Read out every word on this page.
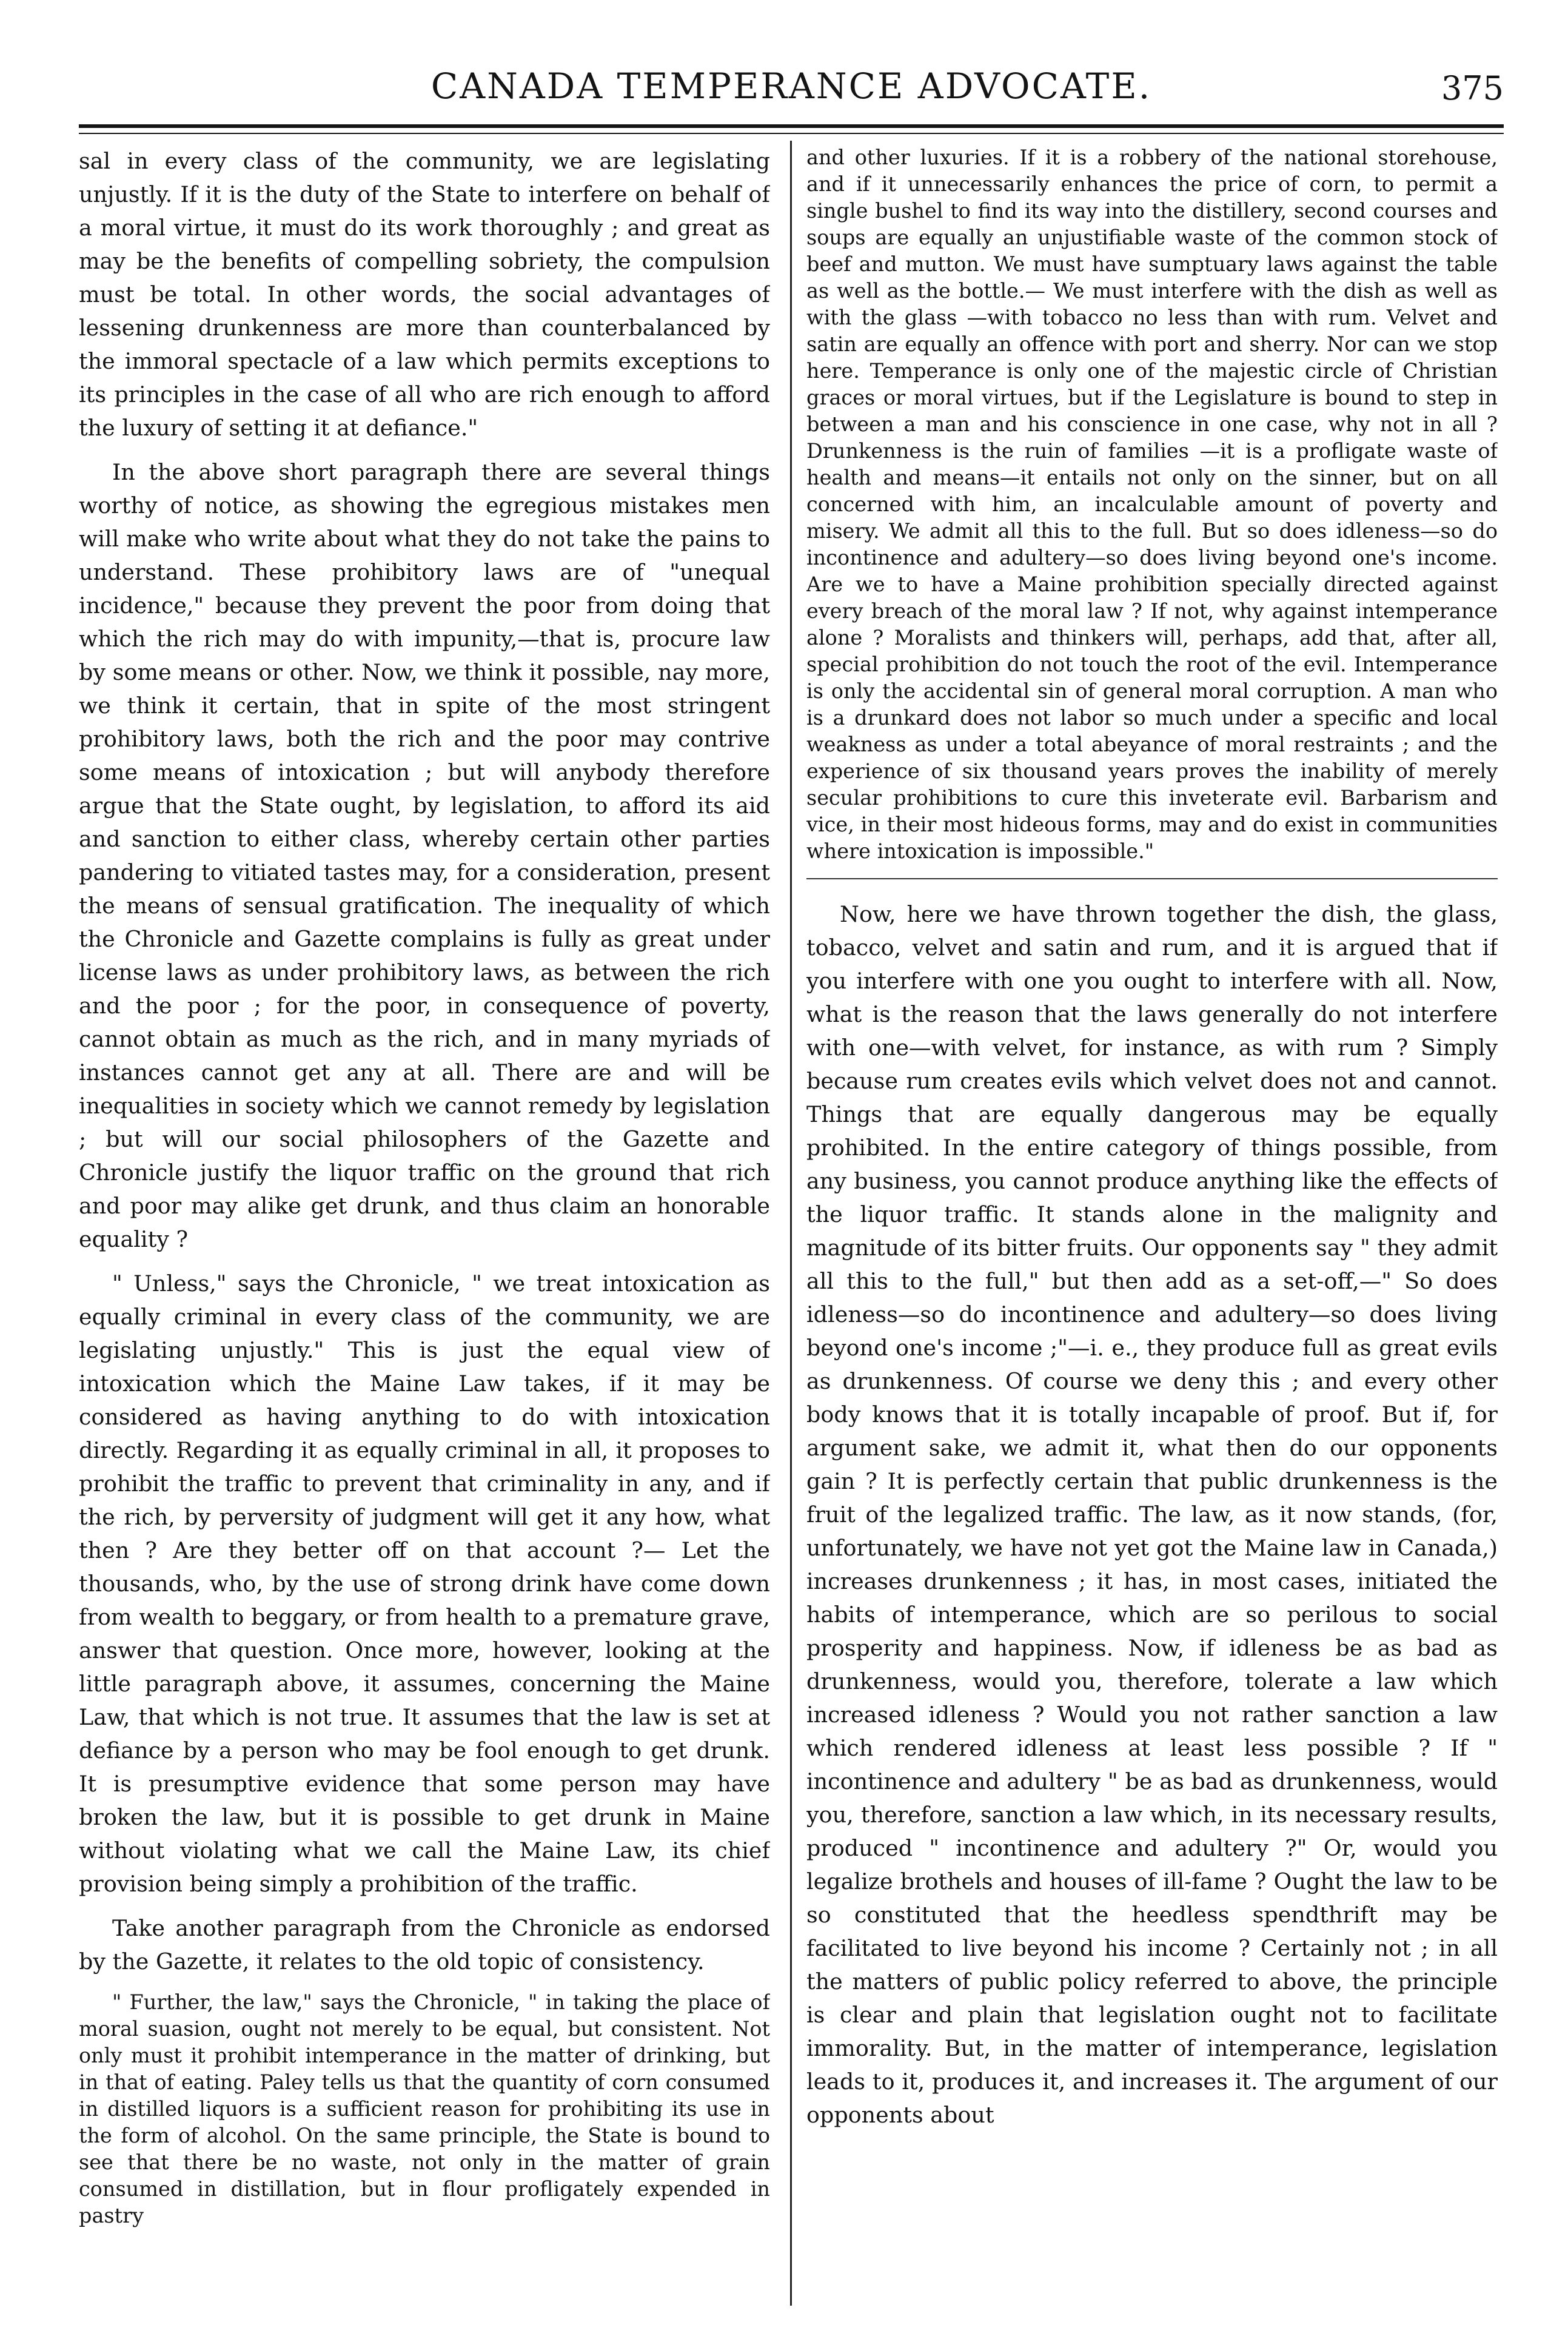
CANADA TEMPERANCE ADVOCATE.	375

sal in every class of the community, we are legislating unjustly. If it is the duty of the State to interfere on behalf of a moral virtue, it must do its work thoroughly ; and great as may be the benefits of compelling sobriety, the compulsion must be total. In other words, the social advantages of lessening drunkenness are more than counterbalanced by the immoral spectacle of a law which permits exceptions to its principles in the case of all who are rich enough to afford the luxury of setting it at defiance."

In the above short paragraph there are several things worthy of notice, as showing the egregious mistakes men will make who write about what they do not take the pains to understand. These prohibitory laws are of "unequal incidence," because they prevent the poor from doing that which the rich may do with impunity,—that is, procure law by some means or other. Now, we think it possible, nay more, we think it certain, that in spite of the most stringent prohibitory laws, both the rich and the poor may contrive some means of intoxication ; but will anybody therefore argue that the State ought, by legislation, to afford its aid and sanction to either class, whereby certain other parties pandering to vitiated tastes may, for a consideration, present the means of sensual gratification. The inequality of which the Chronicle and Gazette complains is fully as great under license laws as under prohibitory laws, as between the rich and the poor ; for the poor, in consequence of poverty, cannot obtain as much as the rich, and in many myriads of instances cannot get any at all. There are and will be inequalities in society which we cannot remedy by legislation ; but will our social philosophers of the Gazette and Chronicle justify the liquor traffic on the ground that rich and poor may alike get drunk, and thus claim an honorable equality ?

" Unless," says the Chronicle, " we treat intoxication as equally criminal in every class of the community, we are legislating unjustly." This is just the equal view of intoxication which the Maine Law takes, if it may be considered as having anything to do with intoxication directly. Regarding it as equally criminal in all, it proposes to prohibit the traffic to prevent that criminality in any, and if the rich, by perversity of judgment will get it any how, what then ? Are they better off on that account ?— Let the thousands, who, by the use of strong drink have come down from wealth to beggary, or from health to a premature grave, answer that question. Once more, however, looking at the little paragraph above, it assumes, concerning the Maine Law, that which is not true. It assumes that the law is set at defiance by a person who may be fool enough to get drunk. It is presumptive evidence that some person may have broken the law, but it is possible to get drunk in Maine without violating what we call the Maine Law, its chief provision being simply a prohibition of the traffic.

Take another paragraph from the Chronicle as endorsed by the Gazette, it relates to the old topic of consistency.

" Further, the law," says the Chronicle, " in taking the place of moral suasion, ought not merely to be equal, but consistent. Not only must it prohibit intemperance in the matter of drinking, but in that of eating. Paley tells us that the quantity of corn consumed in distilled liquors is a sufficient reason for prohibiting its use in the form of alcohol. On the same principle, the State is bound to see that there be no waste, not only in the matter of grain consumed in distillation, but in flour profligately expended in pastry

and other luxuries. If it is a robbery of the national storehouse, and if it unnecessarily enhances the price of corn, to permit a single bushel to find its way into the distillery, second courses and soups are equally an unjustifiable waste of the common stock of beef and mutton. We must have sumptuary laws against the table as well as the bottle.— We must interfere with the dish as well as with the glass —with tobacco no less than with rum. Velvet and satin are equally an offence with port and sherry. Nor can we stop here. Temperance is only one of the majestic circle of Christian graces or moral virtues, but if the Legislature is bound to step in between a man and his conscience in one case, why not in all ? Drunkenness is the ruin of families —it is a profligate waste of health and means—it entails not only on the sinner, but on all concerned with him, an incalculable amount of poverty and misery. We admit all this to the full. But so does idleness—so do incontinence and adultery—so does living beyond one's income. Are we to have a Maine prohibition specially directed against every breach of the moral law ? If not, why against intemperance alone ? Moralists and thinkers will, perhaps, add that, after all, special prohibition do not touch the root of the evil. Intemperance is only the accidental sin of general moral corruption. A man who is a drunkard does not labor so much under a specific and local weakness as under a total abeyance of moral restraints ; and the experience of six thousand years proves the inability of merely secular prohibitions to cure this inveterate evil. Barbarism and vice, in their most hideous forms, may and do exist in communities where intoxication is impossible."

Now, here we have thrown together the dish, the glass, tobacco, velvet and satin and rum, and it is argued that if you interfere with one you ought to interfere with all. Now, what is the reason that the laws generally do not interfere with one—with velvet, for instance, as with rum ? Simply because rum creates evils which velvet does not and cannot. Things that are equally dangerous may be equally prohibited. In the entire category of things possible, from any business, you cannot produce anything like the effects of the liquor traffic. It stands alone in the malignity and magnitude of its bitter fruits. Our opponents say " they admit all this to the full," but then add as a set-off,—" So does idleness—so do incontinence and adultery—so does living beyond one's income ;"—i. e., they produce full as great evils as drunkenness. Of course we deny this ; and every other body knows that it is totally incapable of proof. But if, for argument sake, we admit it, what then do our opponents gain ? It is perfectly certain that public drunkenness is the fruit of the legalized traffic. The law, as it now stands, (for, unfortunately, we have not yet got the Maine law in Canada,) increases drunkenness ; it has, in most cases, initiated the habits of intemperance, which are so perilous to social prosperity and happiness. Now, if idleness be as bad as drunkenness, would you, therefore, tolerate a law which increased idleness ? Would you not rather sanction a law which rendered idleness at least less possible ? If " incontinence and adultery " be as bad as drunkenness, would you, therefore, sanction a law which, in its necessary results, produced " incontinence and adultery ?" Or, would you legalize brothels and houses of ill-fame ? Ought the law to be so constituted that the heedless spendthrift may be facilitated to live beyond his income ? Certainly not ; in all the matters of public policy referred to above, the principle is clear and plain that legislation ought not to facilitate immorality. But, in the matter of intemperance, legislation leads to it, produces it, and increases it. The argument of our opponents about
